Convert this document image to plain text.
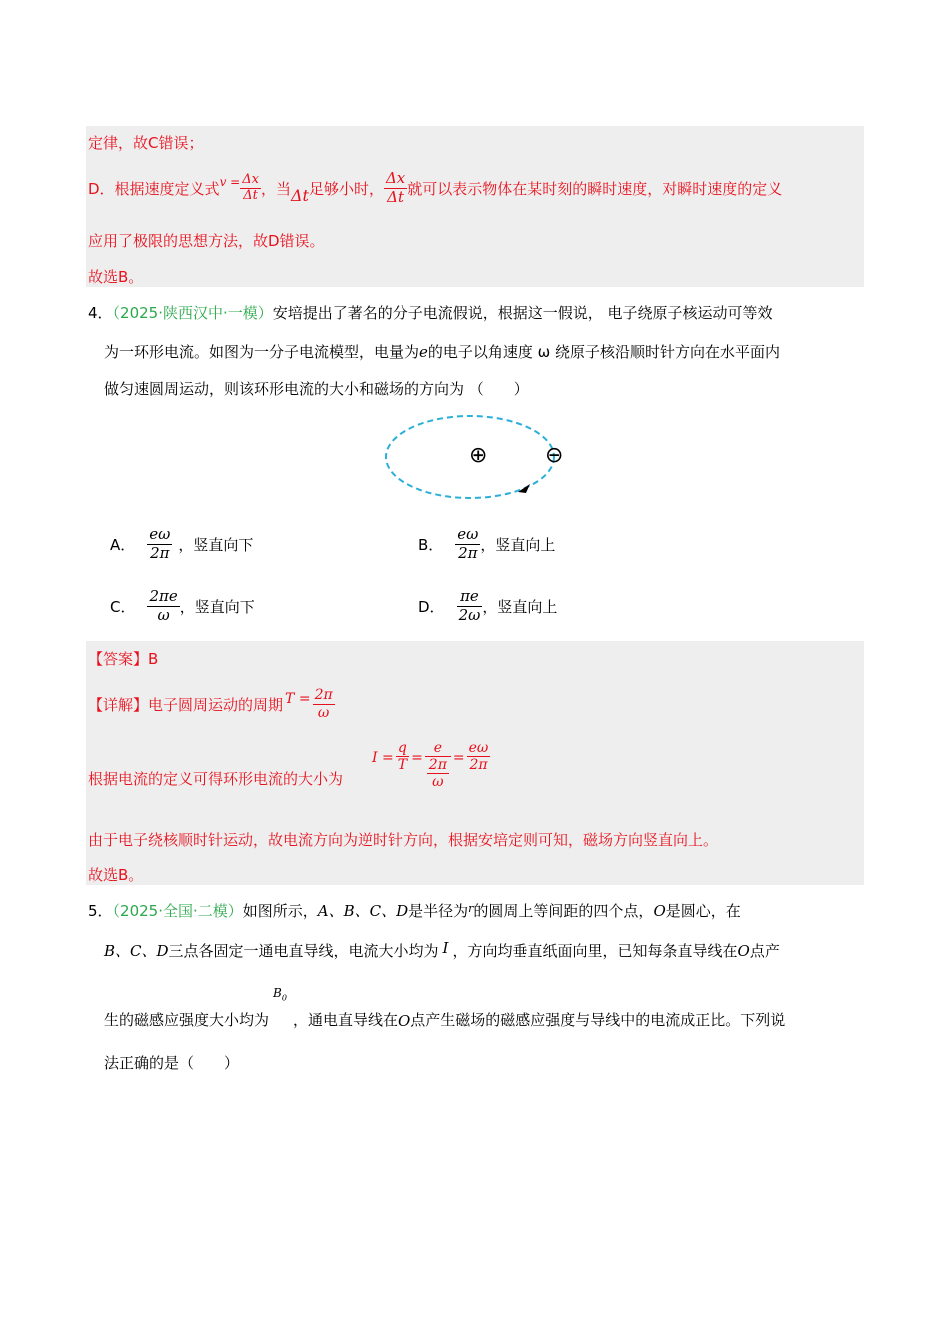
定律，故C错误；
D．根据速度定义式 $v = \frac{\Delta x}{\Delta t}$ ，当 Δt 足够小时， $\frac{\Delta x}{\Delta t}$ 就可以表示物体在某时刻的瞬时速度，对瞬时速度的定义
应用了极限的思想方法，故D错误。
故选B。
4．（2025·陕西汉中·一模）安培提出了著名的分子电流假说，根据这一假说， 电子绕原子核运动可等效
为一环形电流。如图为一分子电流模型，电量为e的电子以角速度 ω 绕原子核沿顺时针方向在水平面内
做匀速圆周运动，则该环形电流的大小和磁场的方向为 （　　）
⊕	⊖
A． $\frac{e\omega}{2\pi}$ ，竖直向下	B． $\frac{e\omega}{2\pi}$ ，竖直向上
C． $\frac{2\pi e}{\omega}$ ，竖直向下	D． $\frac{\pi e}{2\omega}$ ，竖直向上
【答案】B
【详解】 电子圆周运动的周期 $T = \frac{2\pi}{\omega}$
根据电流的定义可得环形电流的大小为
$I = \frac{q}{T} = \frac{e}{\frac{2\pi}{\omega}} = \frac{e\omega}{2\pi}$
由于电子绕核顺时针运动，故电流方向为逆时针方向，根据安培定则可知，磁场方向竖直向上。
故选B。
5．（2025·全国·二模）如图所示，A、B、C、D是半径为$^r$的圆周上等间距的四个点，O是圆心，在
B、C、D三点各固定一通电直导线，电流大小均为 I ，方向均垂直纸面向里，已知每条直导线在O点产
生的磁感应强度大小均为
$B_0$
，通电直导线在 O 点产生磁场的磁感应强度与导线中的电流成正比。下列说
法正确的是（　　）
